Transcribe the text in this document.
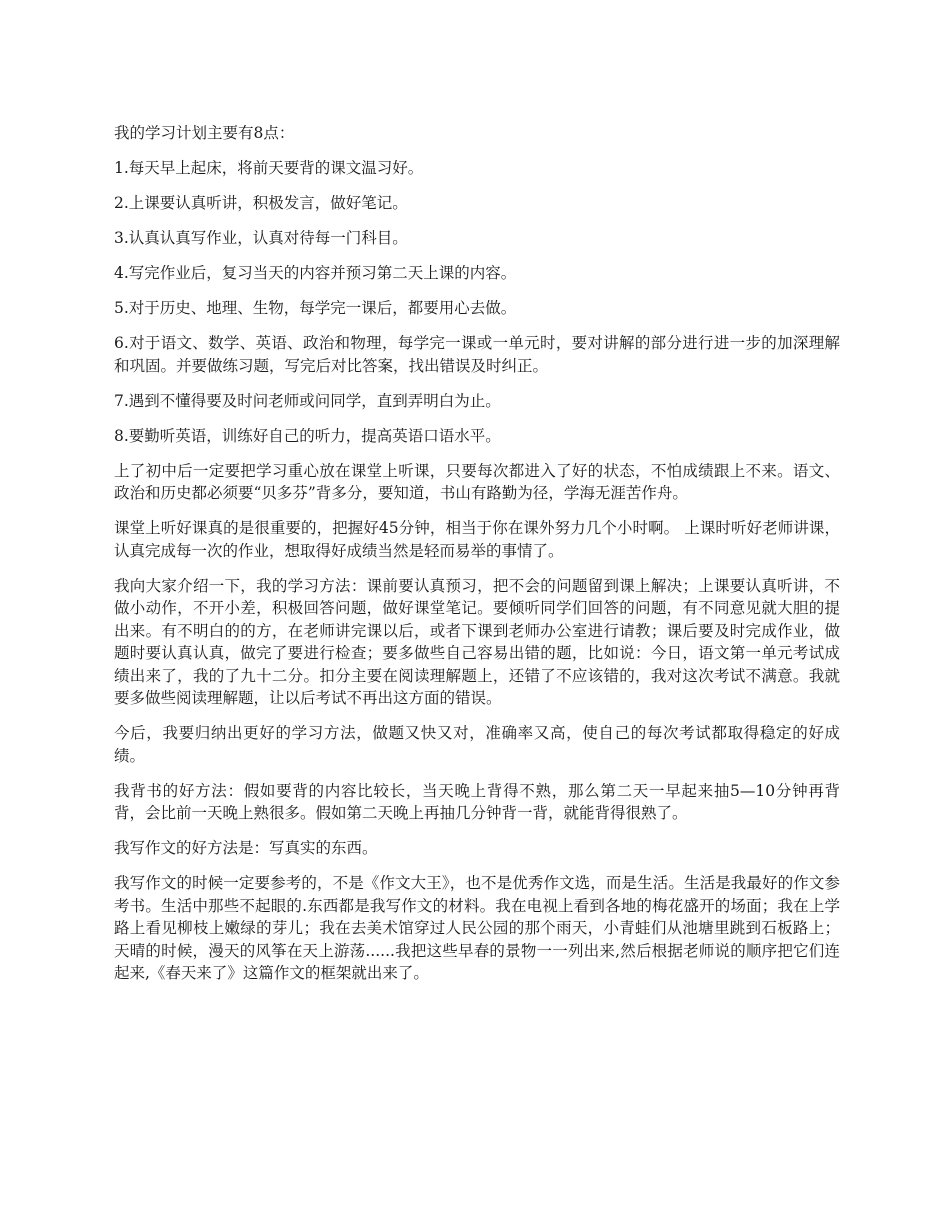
我的学习计划主要有8点：

1.每天早上起床，将前天要背的课文温习好。

2.上课要认真听讲，积极发言，做好笔记。

3.认真认真写作业，认真对待每一门科目。

4.写完作业后，复习当天的内容并预习第二天上课的内容。

5.对于历史、地理、生物，每学完一课后，都要用心去做。

6.对于语文、数学、英语、政治和物理，每学完一课或一单元时，要对讲解的部分进行进一步的加深理解和巩固。并要做练习题，写完后对比答案，找出错误及时纠正。

7.遇到不懂得要及时问老师或问同学，直到弄明白为止。

8.要勤听英语，训练好自己的听力，提高英语口语水平。

上了初中后一定要把学习重心放在课堂上听课，只要每次都进入了好的状态，不怕成绩跟上不来。语文、政治和历史都必须要“贝多芬”背多分，要知道，书山有路勤为径，学海无涯苦作舟。

课堂上听好课真的是很重要的，把握好45分钟，相当于你在课外努力几个小时啊。 上课时听好老师讲课，认真完成每一次的作业，想取得好成绩当然是轻而易举的事情了。

我向大家介绍一下，我的学习方法：课前要认真预习，把不会的问题留到课上解决；上课要认真听讲，不做小动作，不开小差，积极回答问题，做好课堂笔记。要倾听同学们回答的问题，有不同意见就大胆的提出来。有不明白的的方，在老师讲完课以后，或者下课到老师办公室进行请教；课后要及时完成作业，做题时要认真认真，做完了要进行检查；要多做些自己容易出错的题，比如说：今日，语文第一单元考试成绩出来了，我的了九十二分。扣分主要在阅读理解题上，还错了不应该错的，我对这次考试不满意。我就要多做些阅读理解题，让以后考试不再出这方面的错误。

今后，我要归纳出更好的学习方法，做题又快又对，准确率又高，使自己的每次考试都取得稳定的好成绩。

我背书的好方法：假如要背的内容比较长，当天晚上背得不熟，那么第二天一早起来抽5—10分钟再背背，会比前一天晚上熟很多。假如第二天晚上再抽几分钟背一背，就能背得很熟了。

我写作文的好方法是：写真实的东西。

我写作文的时候一定要参考的，不是《作文大王》，也不是优秀作文选，而是生活。生活是我最好的作文参考书。生活中那些不起眼的.东西都是我写作文的材料。我在电视上看到各地的梅花盛开的场面；我在上学路上看见柳枝上嫩绿的芽儿；我在去美术馆穿过人民公园的那个雨天，小青蛙们从池塘里跳到石板路上；天晴的时候，漫天的风筝在天上游荡......我把这些早春的景物一一列出来,然后根据老师说的顺序把它们连起来,《春天来了》这篇作文的框架就出来了。
